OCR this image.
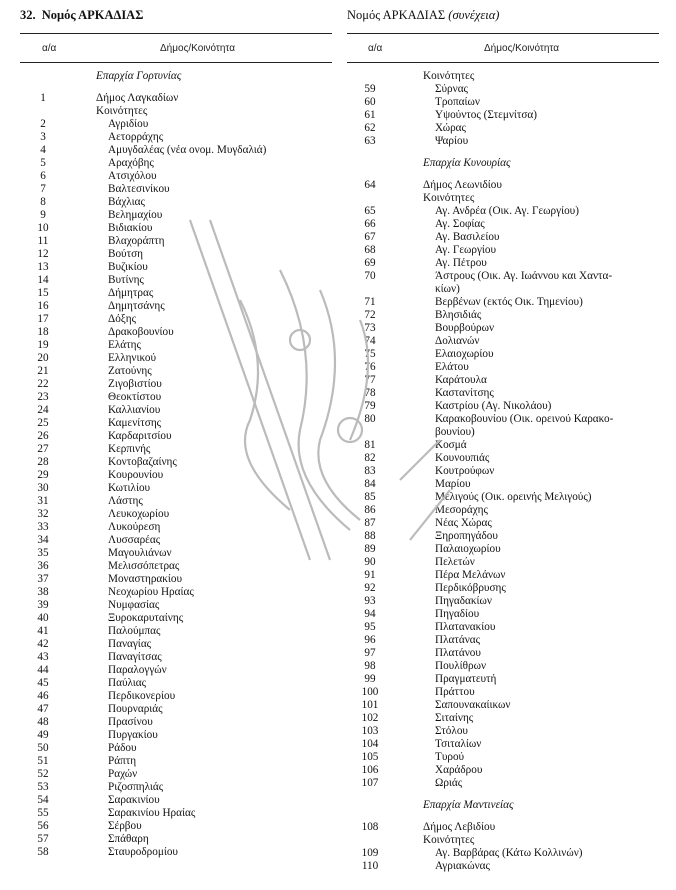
32. Νομός ΑΡΚΑΔΙΑΣ	Νομός ΑΡΚΑΔΙΑΣ (συνέχεια)
α/α	Δήμος/Κοινότητα	α/α	Δήμος/Κοινότητα
Επαρχία Γορτυνίας
1	Δήμος Λαγκαδίων
Κοινότητες
2	Αγριδίου
3	Αετορράχης
4	Αμυγδαλέας (νέα ονομ. Μυγδαλιά)
5	Αραχόβης
6	Ατσιχόλου
7	Βαλτεσινίκου
8	Βάχλιας
9	Βελημαχίου
10	Βιδιακίου
11	Βλαχοράπτη
12	Βούτση
13	Βυζικίου
14	Βυτίνης
15	Δήμητρας
16	Δημητσάνης
17	Δόξης
18	Δρακοβουνίου
19	Ελάτης
20	Ελληνικού
21	Ζατούνης
22	Ζιγοβιστίου
23	Θεοκτίστου
24	Καλλιανίου
25	Καμενίτσης
26	Καρδαριτσίου
27	Κερπινής
28	Κοντοβαζαίνης
29	Κουρουνίου
30	Κωτιλίου
31	Λάστης
32	Λευκοχωρίου
33	Λυκούρεση
34	Λυσσαρέας
35	Μαγουλιάνων
36	Μελισσόπετρας
37	Μοναστηρακίου
38	Νεοχωρίου Ηραίας
39	Νυμφασίας
40	Ξυροκαρυταίνης
41	Παλούμπας
42	Παναγίας
43	Παναγίτσας
44	Παραλογγών
45	Παύλιας
46	Περδικονερίου
47	Πουρναριάς
48	Πρασίνου
49	Πυργακίου
50	Ράδου
51	Ράπτη
52	Ραχών
53	Ριζοσπηλιάς
54	Σαρακινίου
55	Σαρακινίου Ηραίας
56	Σέρβου
57	Σπάθαρη
58	Σταυροδρομίου
Κοινότητες
59	Σύρνας
60	Τροπαίων
61	Υψούντος (Στεμνίτσα)
62	Χώρας
63	Ψαρίου
Επαρχία Κυνουρίας
64	Δήμος Λεωνιδίου
Κοινότητες
65	Αγ. Ανδρέα (Οικ. Αγ. Γεωργίου)
66	Αγ. Σοφίας
67	Αγ. Βασιλείου
68	Αγ. Γεωργίου
69	Αγ. Πέτρου
70	Άστρους (Οικ. Αγ. Ιωάννου και Χαντα-
κίων)
71	Βερβένων (εκτός Οικ. Τημενίου)
72	Βλησιδιάς
73	Βουρβούρων
74	Δολιανών
75	Ελαιοχωρίου
76	Ελάτου
77	Καράτουλα
78	Καστανίτσης
79	Καστρίου (Αγ. Νικολάου)
80	Καρακοβουνίου (Οικ. ορεινού Καρακο-
βουνίου)
81	Κοσμά
82	Κουνουπιάς
83	Κουτρούφων
84	Μαρίου
85	Μελιγούς (Οικ. ορεινής Μελιγούς)
86	Μεσοράχης
87	Νέας Χώρας
88	Ξηροπηγάδου
89	Παλαιοχωρίου
90	Πελετών
91	Πέρα Μελάνων
92	Περδικόβρυσης
93	Πηγαδακίων
94	Πηγαδίου
95	Πλατανακίου
96	Πλατάνας
97	Πλατάνου
98	Πουλίθρων
99	Πραγματευτή
100	Πράττου
101	Σαπουνακαίικων
102	Σιταίνης
103	Στόλου
104	Τσιταλίων
105	Τυρού
106	Χαράδρου
107	Ωριάς
Επαρχία Μαντινείας
108	Δήμος Λεβιδίου
Κοινότητες
109	Αγ. Βαρβάρας (Κάτω Κολλινών)
110	Αγριακώνας
